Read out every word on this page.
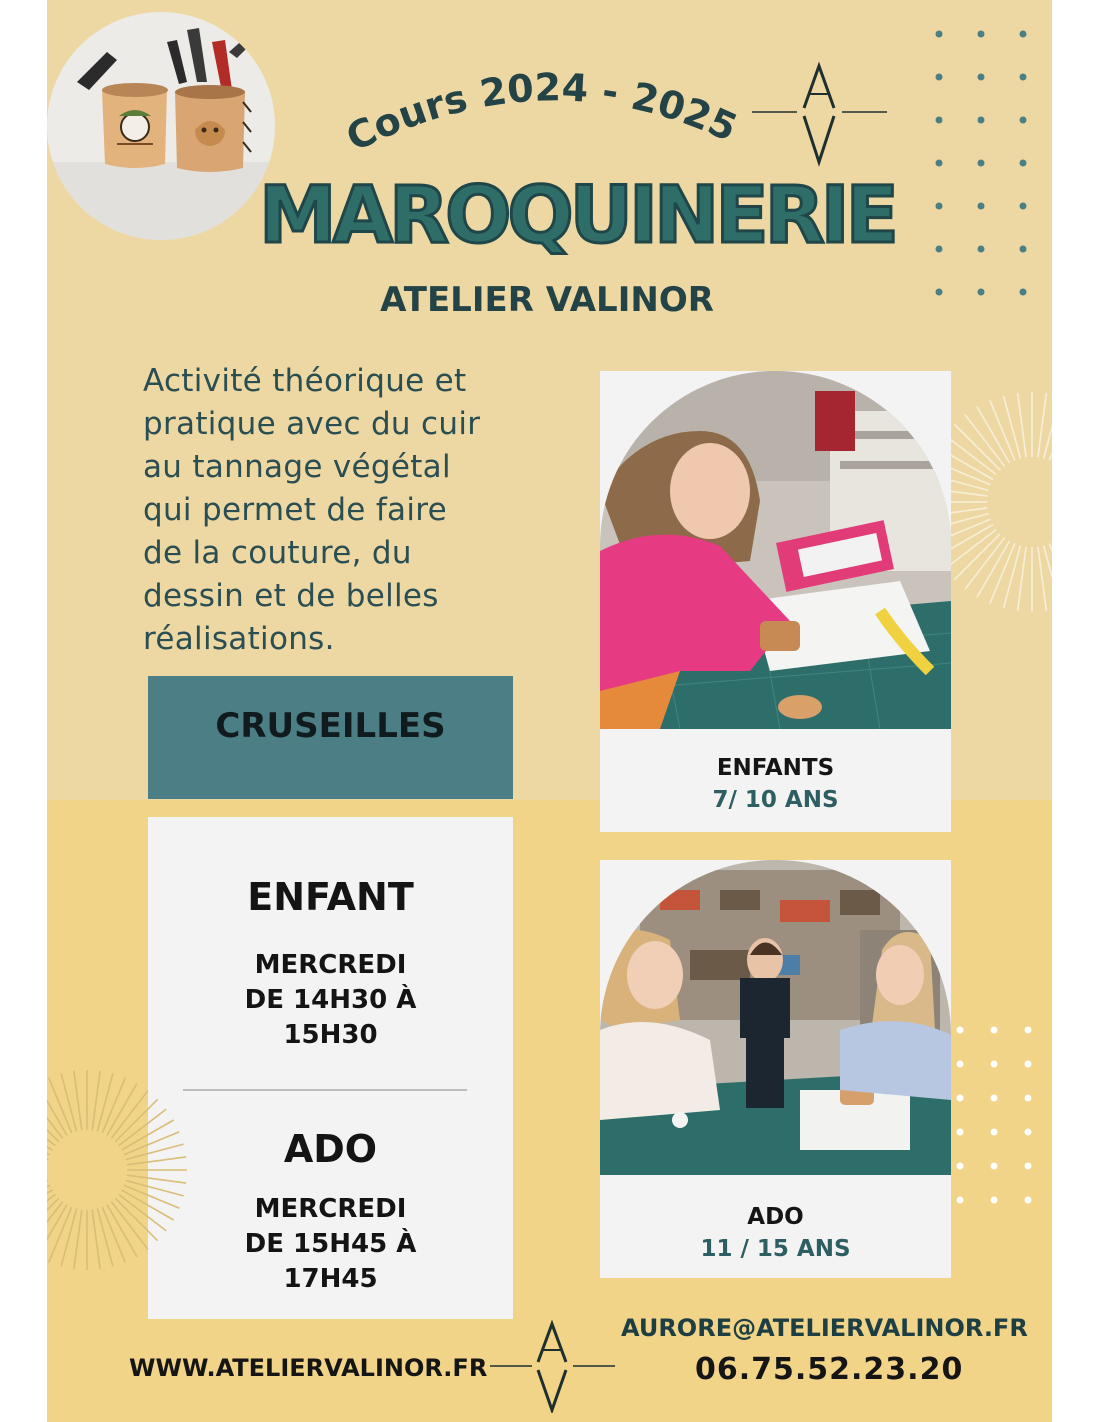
Cours 2024 - 2025
MAROQUINERIE
ATELIER VALINOR
Activité théorique et
pratique avec du cuir
au tannage végétal
qui permet de faire
de la couture, du
dessin et de belles
réalisations.
CRUSEILLES
ENFANT
MERCREDI
DE 14H30 À
15H30
ADO
MERCREDI
DE 15H45 À
17H45
ENFANTS
7/ 10 ANS
ADO
11 / 15 ANS
WWW.ATELIERVALINOR.FR
AURORE@ATELIERVALINOR.FR
06.75.52.23.20
